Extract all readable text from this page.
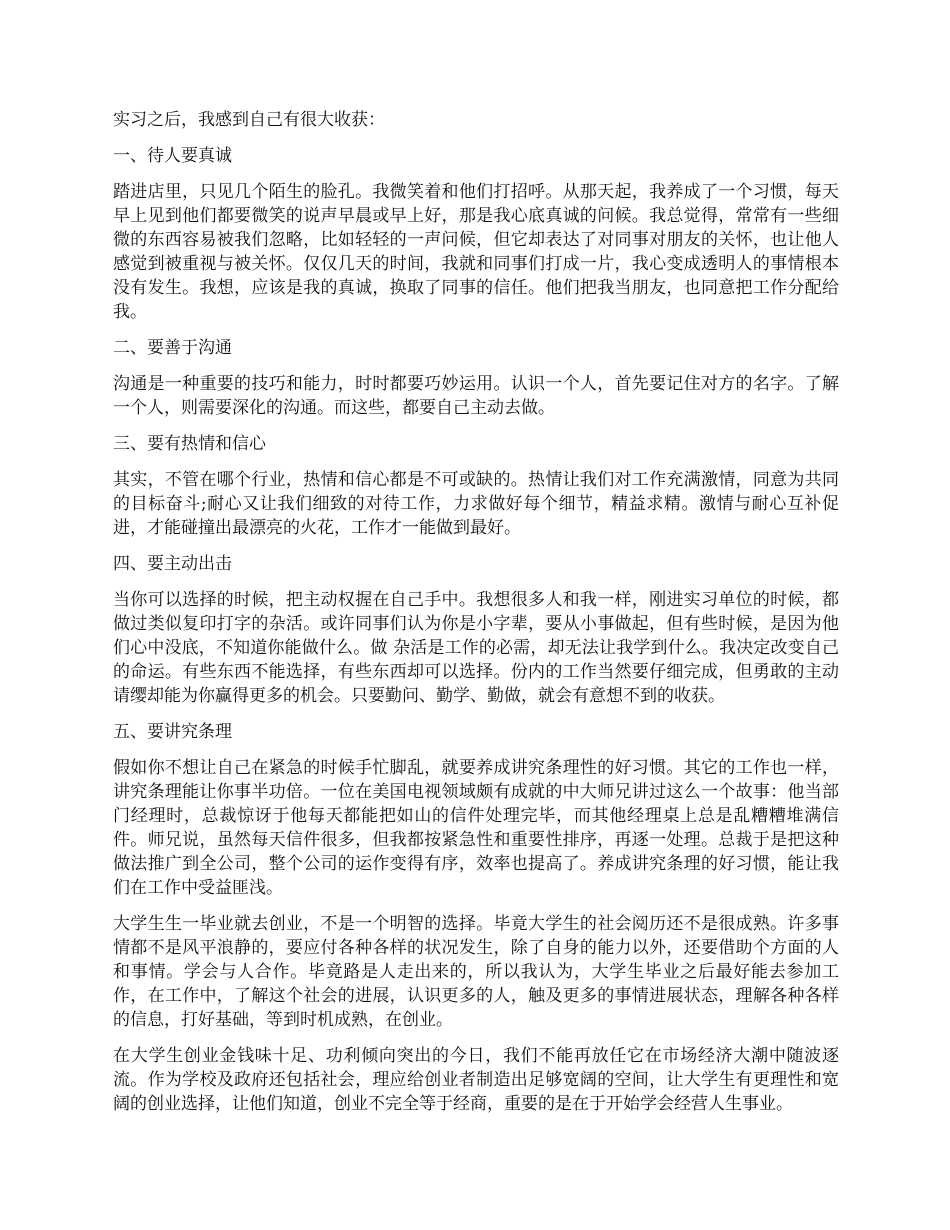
实习之后，我感到自己有很大收获：

一、待人要真诚

踏进店里，只见几个陌生的脸孔。我微笑着和他们打招呼。从那天起，我养成了一个习惯，每天早上见到他们都要微笑的说声早晨或早上好，那是我心底真诚的问候。我总觉得，常常有一些细微的东西容易被我们忽略，比如轻轻的一声问候，但它却表达了对同事对朋友的关怀，也让他人感觉到被重视与被关怀。仅仅几天的时间，我就和同事们打成一片，我心变成透明人的事情根本没有发生。我想，应该是我的真诚，换取了同事的信任。他们把我当朋友，也同意把工作分配给我。

二、要善于沟通

沟通是一种重要的技巧和能力，时时都要巧妙运用。认识一个人，首先要记住对方的名字。了解一个人，则需要深化的沟通。而这些，都要自己主动去做。

三、要有热情和信心

其实，不管在哪个行业，热情和信心都是不可或缺的。热情让我们对工作充满激情，同意为共同的目标奋斗;耐心又让我们细致的对待工作，力求做好每个细节，精益求精。激情与耐心互补促进，才能碰撞出最漂亮的火花，工作才一能做到最好。

四、要主动出击

当你可以选择的时候，把主动权握在自己手中。我想很多人和我一样，刚进实习单位的时候，都做过类似复印打字的杂活。或许同事们认为你是小字辈，要从小事做起，但有些时候，是因为他们心中没底，不知道你能做什么。做 杂活是工作的必需，却无法让我学到什么。我决定改变自己的命运。有些东西不能选择，有些东西却可以选择。份内的工作当然要仔细完成，但勇敢的主动请缨却能为你赢得更多的机会。只要勤问、勤学、勤做，就会有意想不到的收获。

五、要讲究条理

假如你不想让自己在紧急的时候手忙脚乱，就要养成讲究条理性的好习惯。其它的工作也一样，讲究条理能让你事半功倍。一位在美国电视领域颇有成就的中大师兄讲过这么一个故事：他当部门经理时，总裁惊讶于他每天都能把如山的信件处理完毕，而其他经理桌上总是乱糟糟堆满信件。师兄说，虽然每天信件很多，但我都按紧急性和重要性排序，再逐一处理。总裁于是把这种做法推广到全公司，整个公司的运作变得有序，效率也提高了。养成讲究条理的好习惯，能让我们在工作中受益匪浅。

大学生生一毕业就去创业，不是一个明智的选择。毕竟大学生的社会阅历还不是很成熟。许多事情都不是风平浪静的，要应付各种各样的状况发生，除了自身的能力以外，还要借助个方面的人和事情。学会与人合作。毕竟路是人走出来的，所以我认为，大学生毕业之后最好能去参加工作，在工作中，了解这个社会的进展，认识更多的人，触及更多的事情进展状态，理解各种各样的信息，打好基础，等到时机成熟，在创业。

在大学生创业金钱味十足、功利倾向突出的今日，我们不能再放任它在市场经济大潮中随波逐流。作为学校及政府还包括社会，理应给创业者制造出足够宽阔的空间，让大学生有更理性和宽阔的创业选择，让他们知道，创业不完全等于经商，重要的是在于开始学会经营人生事业。
